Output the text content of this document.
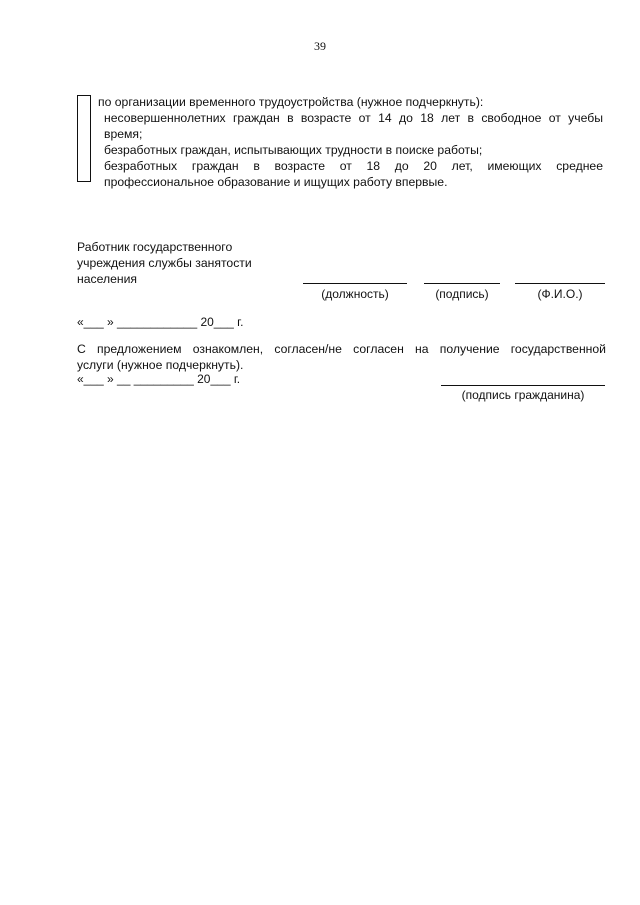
39

по организации временного трудоустройства (нужное подчеркнуть):

несовершеннолетних граждан в возрасте от 14 до 18 лет в свободное от учебы

время;

безработных граждан, испытывающих трудности в поиске работы;

безработных граждан в возрасте от 18 до 20 лет, имеющих среднее

профессиональное образование и ищущих работу впервые.

Работник государственного
учреждения службы занятости
населения
(должность)	(подпись)	(Ф.И.О.)
«___ » ____________ 20___ г.

С предложением ознакомлен, согласен/не согласен на получение государственной

услуги (нужное подчеркнуть).

«___ » __ _________ 20___ г.
(подпись гражданина)
